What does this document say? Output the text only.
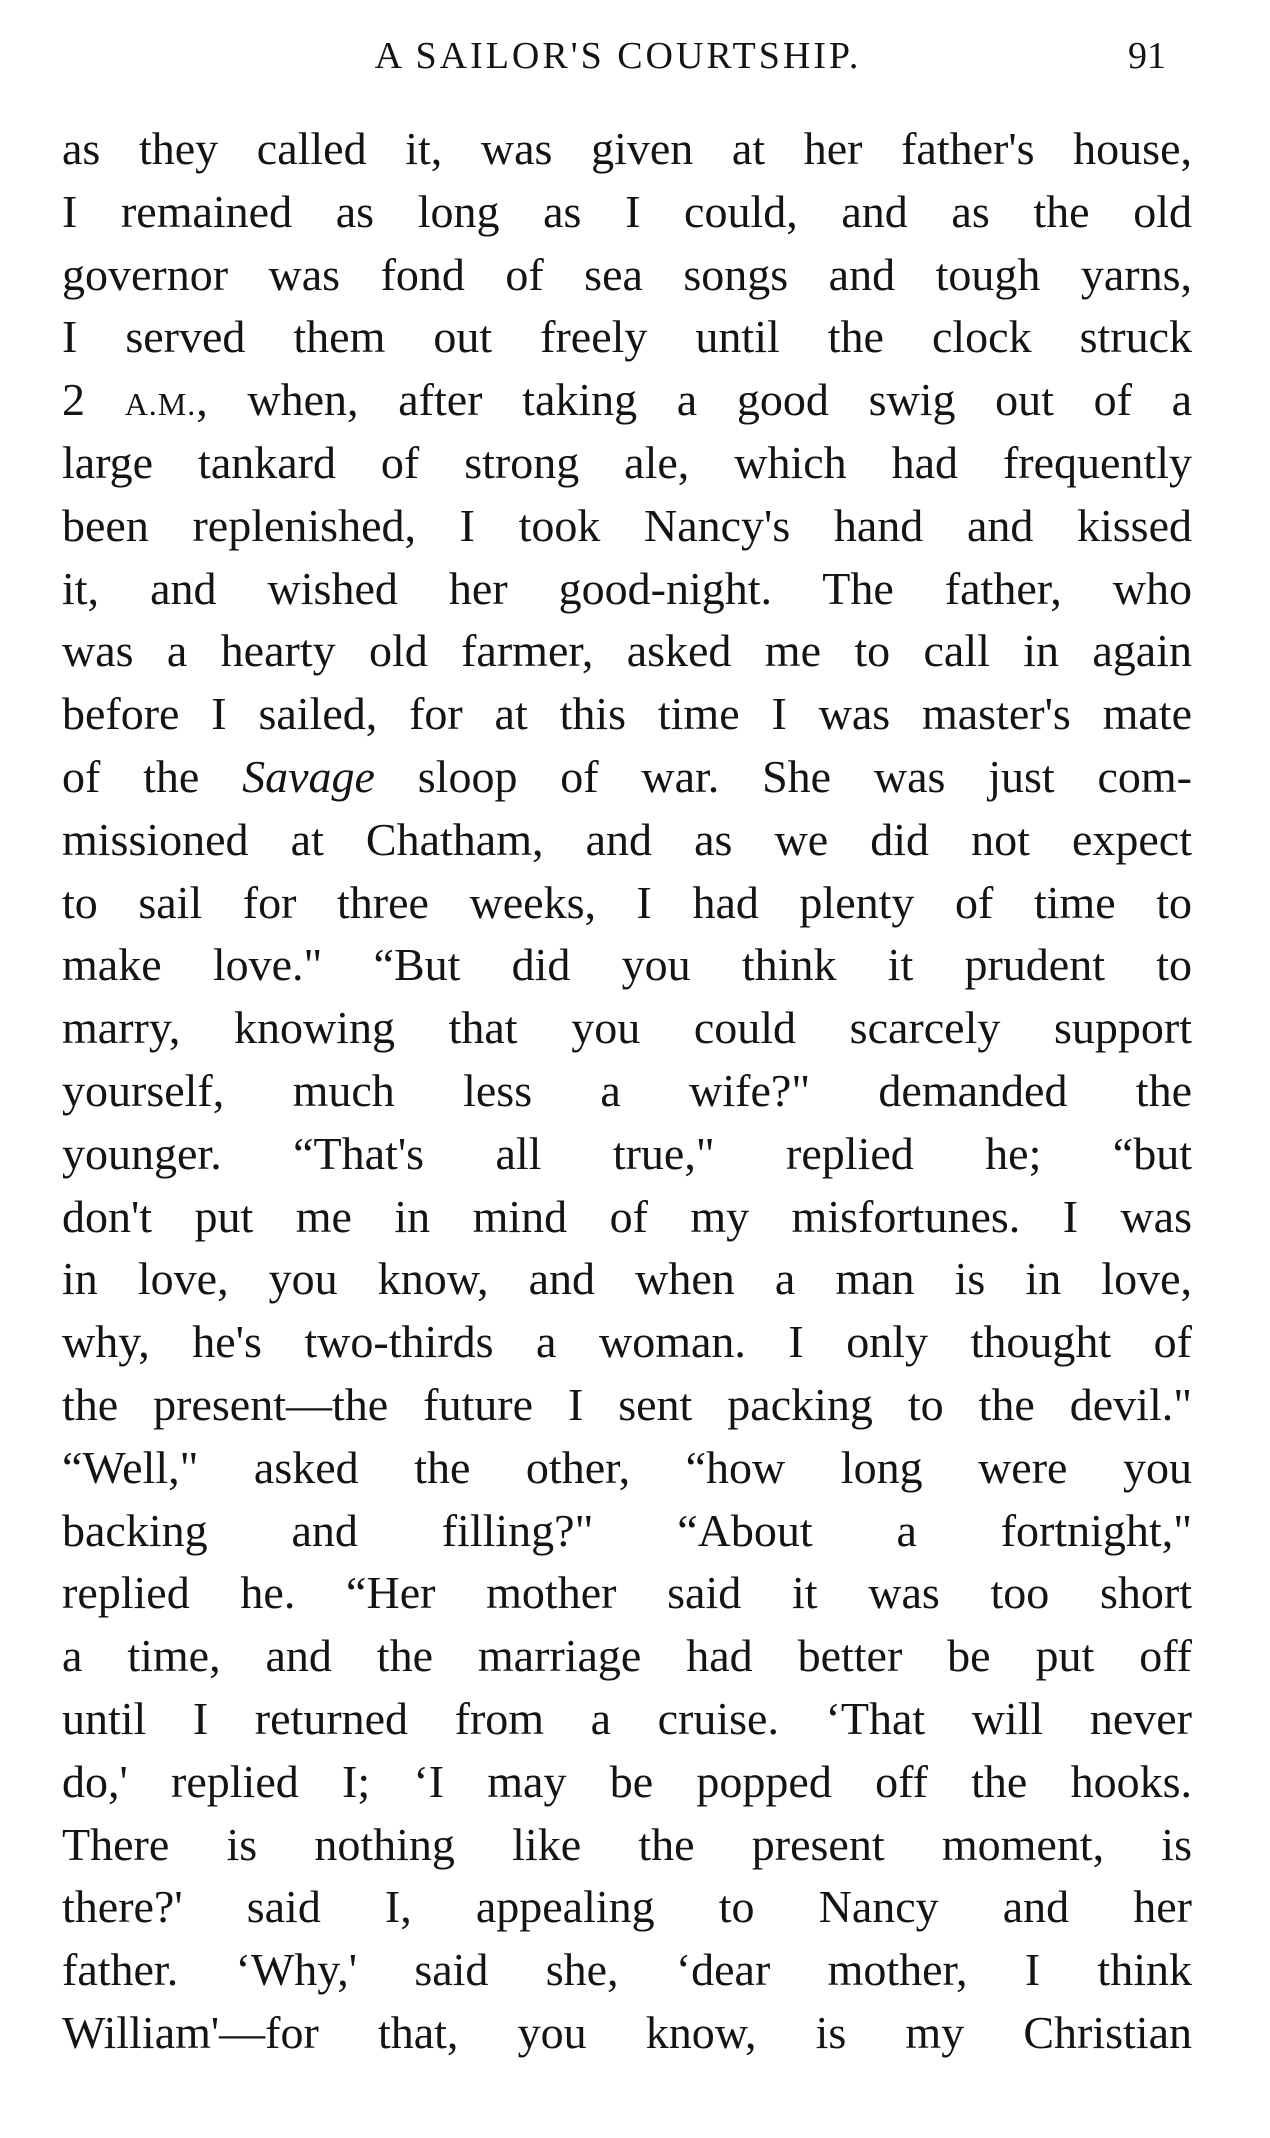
A SAILOR'S COURTSHIP.	91
as they called it, was given at her father's house,
I remained as long as I could, and as the old
governor was fond of sea songs and tough yarns,
I served them out freely until the clock struck
2 A.M., when, after taking a good swig out of a
large tankard of strong ale, which had frequently
been replenished, I took Nancy's hand and kissed
it, and wished her good-night. The father, who
was a hearty old farmer, asked me to call in again
before I sailed, for at this time I was master's mate
of the Savage sloop of war. She was just com-
missioned at Chatham, and as we did not expect
to sail for three weeks, I had plenty of time to
make love." “But did you think it prudent to
marry, knowing that you could scarcely support
yourself, much less a wife?" demanded the
younger. “That's all true," replied he; “but
don't put me in mind of my misfortunes. I was
in love, you know, and when a man is in love,
why, he's two-thirds a woman. I only thought of
the present—the future I sent packing to the devil."
“Well," asked the other, “how long were you
backing and filling?" “About a fortnight,"
replied he. “Her mother said it was too short
a time, and the marriage had better be put off
until I returned from a cruise. ‘That will never
do,' replied I; ‘I may be popped off the hooks.
There is nothing like the present moment, is
there?' said I, appealing to Nancy and her
father. ‘Why,' said she, ‘dear mother, I think
William'—for that, you know, is my Christian
